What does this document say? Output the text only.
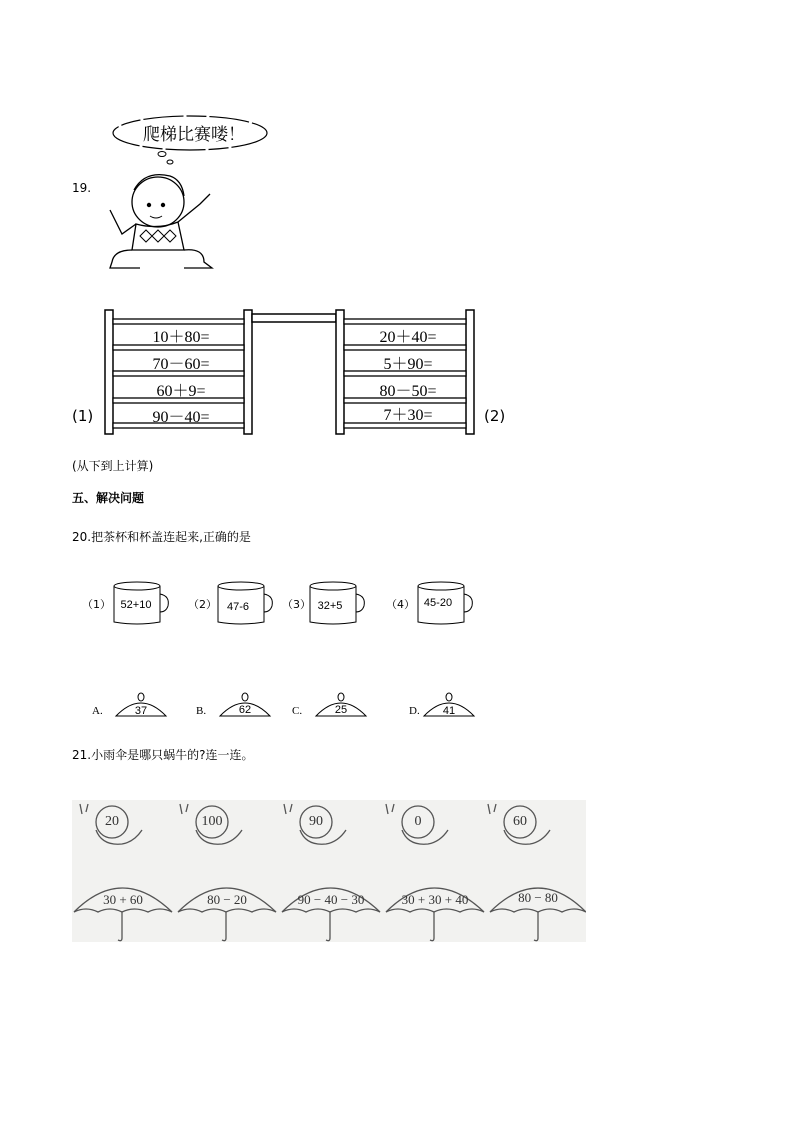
19.
爬梯比赛喽！
10＋80=
70－60=
60＋9=
90－40=
20＋40=
5＋90=
80－50=
7＋30=
(1)	(2)
(从下到上计算)
五、解决问题
20.把茶杯和杯盖连起来,正确的是
（1）	（2）	（3）	（4）
52+10	47-6	32+5	45-20
A.	B.	C.	D.
37	62	25	41
21.小雨伞是哪只蜗牛的?连一连。
20	100	90	0	60
30 + 60	80 − 20	90 − 40 − 30	30 + 30 + 40	80 − 80
